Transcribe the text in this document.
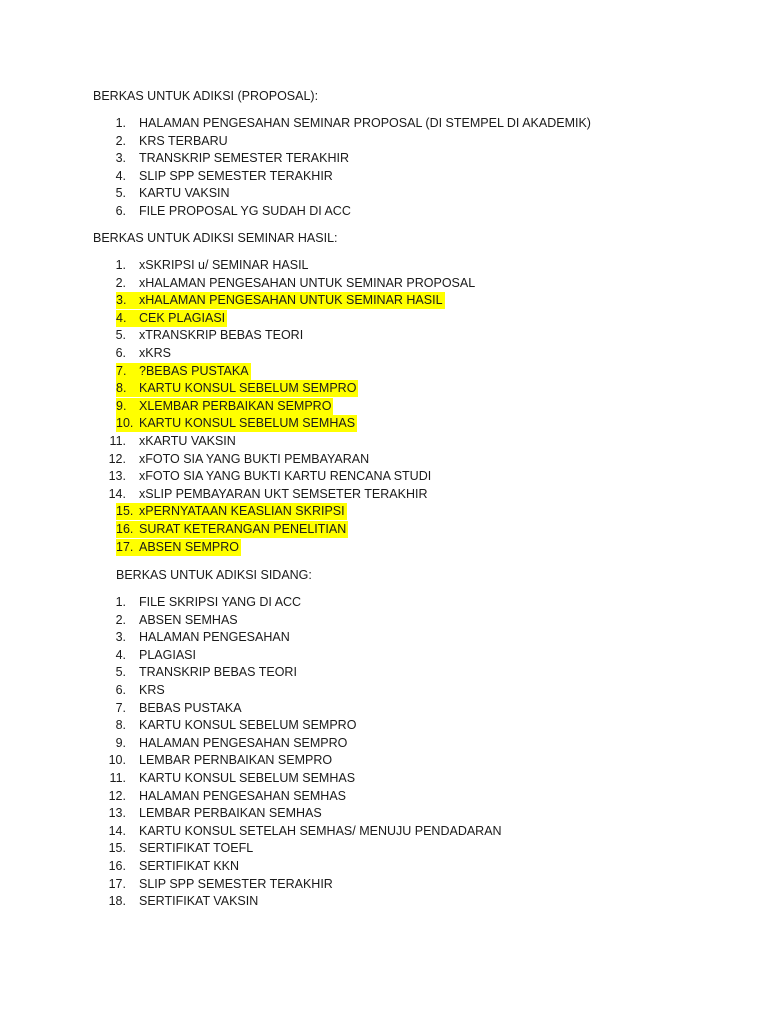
BERKAS UNTUK ADIKSI (PROPOSAL):
1. HALAMAN PENGESAHAN SEMINAR PROPOSAL (DI STEMPEL DI AKADEMIK)
2. KRS TERBARU
3. TRANSKRIP SEMESTER TERAKHIR
4. SLIP SPP SEMESTER TERAKHIR
5. KARTU VAKSIN
6. FILE PROPOSAL YG SUDAH DI ACC
BERKAS UNTUK ADIKSI SEMINAR HASIL:
1. xSKRIPSI u/ SEMINAR HASIL
2. xHALAMAN PENGESAHAN UNTUK SEMINAR PROPOSAL
3.	xHALAMAN PENGESAHAN UNTUK SEMINAR HASIL
4.	CEK PLAGIASI
5. xTRANSKRIP BEBAS TEORI
6. xKRS
7.	?BEBAS PUSTAKA
8.	KARTU KONSUL SEBELUM SEMPRO
9.	XLEMBAR PERBAIKAN SEMPRO
10. KARTU KONSUL SEBELUM SEMHAS
11. xKARTU VAKSIN
12. xFOTO SIA YANG BUKTI PEMBAYARAN
13. xFOTO SIA YANG BUKTI KARTU RENCANA STUDI
14. xSLIP PEMBAYARAN UKT SEMSETER TERAKHIR
15. xPERNYATAAN KEASLIAN SKRIPSI
16. SURAT KETERANGAN PENELITIAN
17. ABSEN SEMPRO
BERKAS UNTUK ADIKSI SIDANG:
1. FILE SKRIPSI YANG DI ACC
2. ABSEN SEMHAS
3. HALAMAN PENGESAHAN
4. PLAGIASI
5. TRANSKRIP BEBAS TEORI
6. KRS
7. BEBAS PUSTAKA
8. KARTU KONSUL SEBELUM SEMPRO
9. HALAMAN PENGESAHAN SEMPRO
10. LEMBAR PERNBAIKAN SEMPRO
11. KARTU KONSUL SEBELUM SEMHAS
12. HALAMAN PENGESAHAN SEMHAS
13. LEMBAR PERBAIKAN SEMHAS
14. KARTU KONSUL SETELAH SEMHAS/ MENUJU PENDADARAN
15. SERTIFIKAT TOEFL
16. SERTIFIKAT KKN
17. SLIP SPP SEMESTER TERAKHIR
18. SERTIFIKAT VAKSIN
